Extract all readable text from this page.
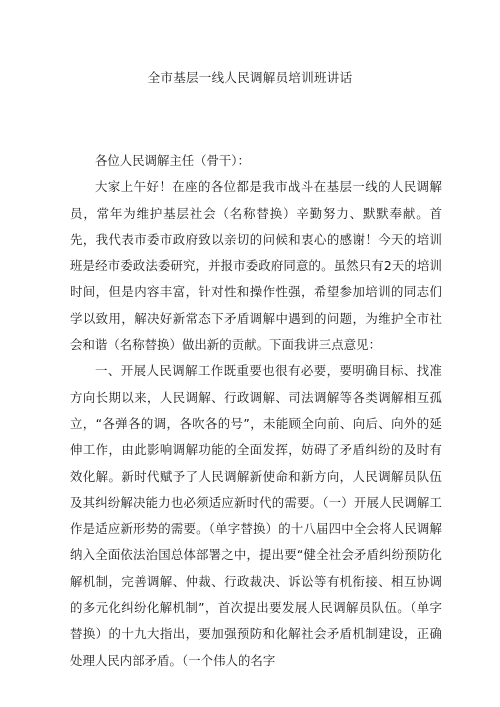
全市基层一线人民调解员培训班讲话

各位人民调解主任（骨干）：

大家上午好！在座的各位都是我市战斗在基层一线的人民调解员，常年为维护基层社会（名称替换）辛勤努力、默默奉献。首先，我代表市委市政府致以亲切的问候和衷心的感谢！今天的培训班是经市委政法委研究，并报市委政府同意的。虽然只有2天的培训时间，但是内容丰富，针对性和操作性强，希望参加培训的同志们学以致用，解决好新常态下矛盾调解中遇到的问题，为维护全市社会和谐（名称替换）做出新的贡献。下面我讲三点意见：

一、开展人民调解工作既重要也很有必要，要明确目标、找准方向长期以来，人民调解、行政调解、司法调解等各类调解相互孤立，“各弹各的调，各吹各的号”，未能顾全向前、向后、向外的延伸工作，由此影响调解功能的全面发挥，妨碍了矛盾纠纷的及时有效化解。新时代赋予了人民调解新使命和新方向，人民调解员队伍及其纠纷解决能力也必须适应新时代的需要。（一）开展人民调解工作是适应新形势的需要。（单字替换）的十八届四中全会将人民调解纳入全面依法治国总体部署之中，提出要“健全社会矛盾纠纷预防化解机制，完善调解、仲裁、行政裁决、诉讼等有机衔接、相互协调的多元化纠纷化解机制”，首次提出要发展人民调解员队伍。（单字替换）的十九大指出，要加强预防和化解社会矛盾机制建设，正确处理人民内部矛盾。（一个伟人的名字
